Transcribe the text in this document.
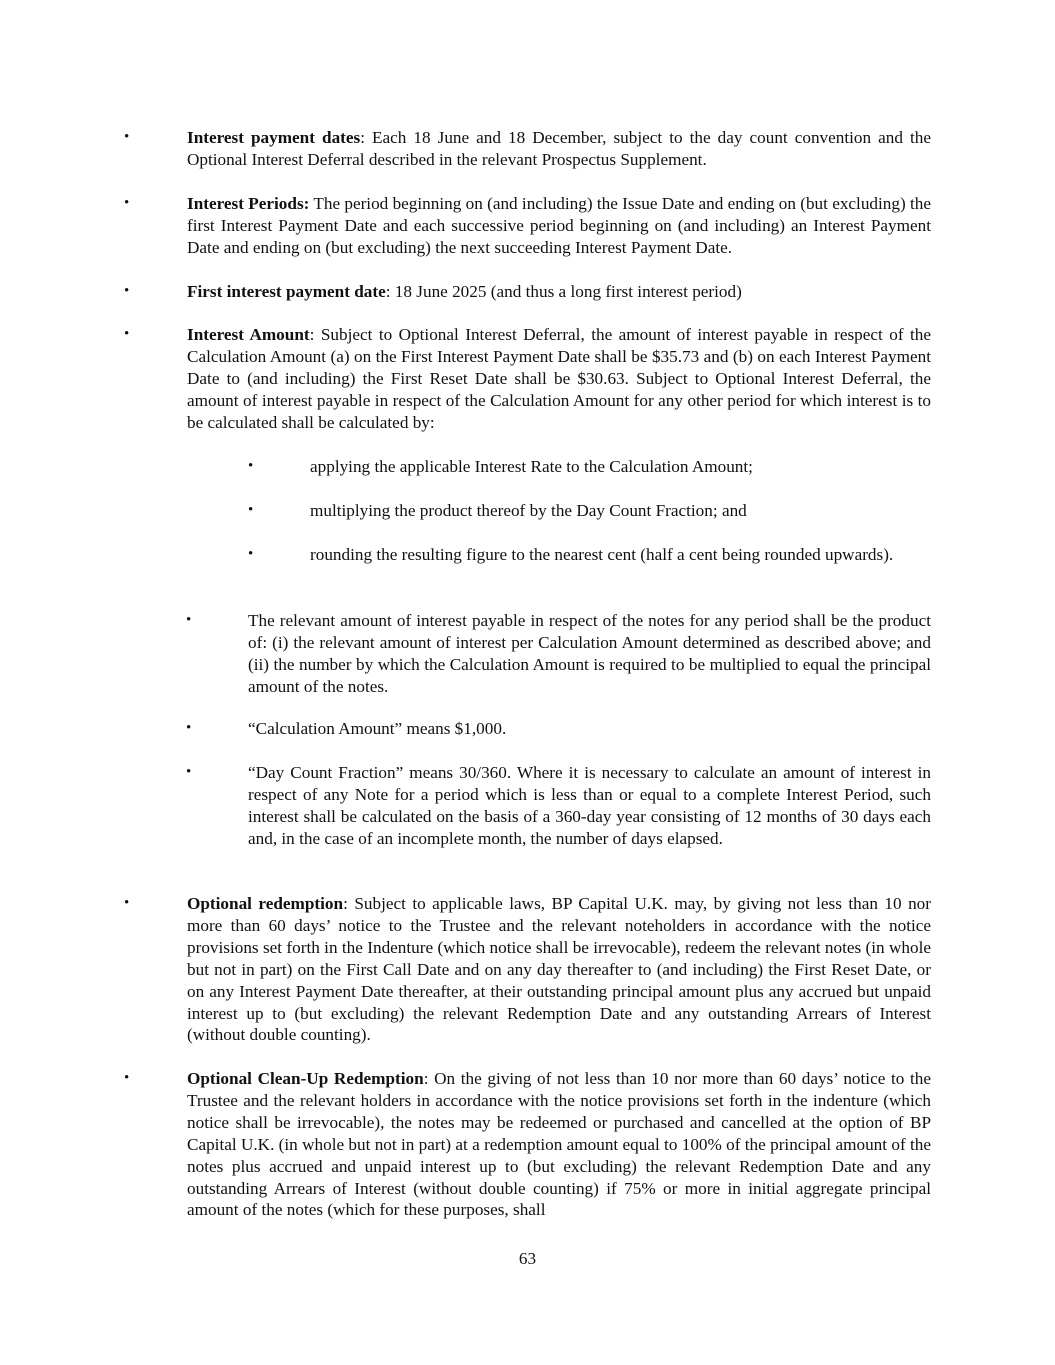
•	Interest payment dates: Each 18 June and 18 December, subject to the day count convention and the Optional Interest Deferral described in the relevant Prospectus Supplement.

•	Interest Periods: The period beginning on (and including) the Issue Date and ending on (but excluding) the first Interest Payment Date and each successive period beginning on (and including) an Interest Payment Date and ending on (but excluding) the next succeeding Interest Payment Date.

•	First interest payment date: 18 June 2025 (and thus a long first interest period)

•	Interest Amount: Subject to Optional Interest Deferral, the amount of interest payable in respect of the Calculation Amount (a) on the First Interest Payment Date shall be $35.73 and (b) on each Interest Payment Date to (and including) the First Reset Date shall be $30.63. Subject to Optional Interest Deferral, the amount of interest payable in respect of the Calculation Amount for any other period for which interest is to be calculated shall be calculated by:

•	applying the applicable Interest Rate to the Calculation Amount;

•	multiplying the product thereof by the Day Count Fraction; and

•	rounding the resulting figure to the nearest cent (half a cent being rounded upwards).

•	The relevant amount of interest payable in respect of the notes for any period shall be the product of: (i) the relevant amount of interest per Calculation Amount determined as described above; and (ii) the number by which the Calculation Amount is required to be multiplied to equal the principal amount of the notes.

•	“Calculation Amount” means $1,000.

•	“Day Count Fraction” means 30/360. Where it is necessary to calculate an amount of interest in respect of any Note for a period which is less than or equal to a complete Interest Period, such interest shall be calculated on the basis of a 360-day year consisting of 12 months of 30 days each and, in the case of an incomplete month, the number of days elapsed.

•	Optional redemption: Subject to applicable laws, BP Capital U.K. may, by giving not less than 10 nor more than 60 days’ notice to the Trustee and the relevant noteholders in accordance with the notice provisions set forth in the Indenture (which notice shall be irrevocable), redeem the relevant notes (in whole but not in part) on the First Call Date and on any day thereafter to (and including) the First Reset Date, or on any Interest Payment Date thereafter, at their outstanding principal amount plus any accrued but unpaid interest up to (but excluding) the relevant Redemption Date and any outstanding Arrears of Interest (without double counting).

•	Optional Clean-Up Redemption: On the giving of not less than 10 nor more than 60 days’ notice to the Trustee and the relevant holders in accordance with the notice provisions set forth in the indenture (which notice shall be irrevocable), the notes may be redeemed or purchased and cancelled at the option of BP Capital U.K. (in whole but not in part) at a redemption amount equal to 100% of the principal amount of the notes plus accrued and unpaid interest up to (but excluding) the relevant Redemption Date and any outstanding Arrears of Interest (without double counting) if 75% or more in initial aggregate principal amount of the notes (which for these purposes, shall

63
